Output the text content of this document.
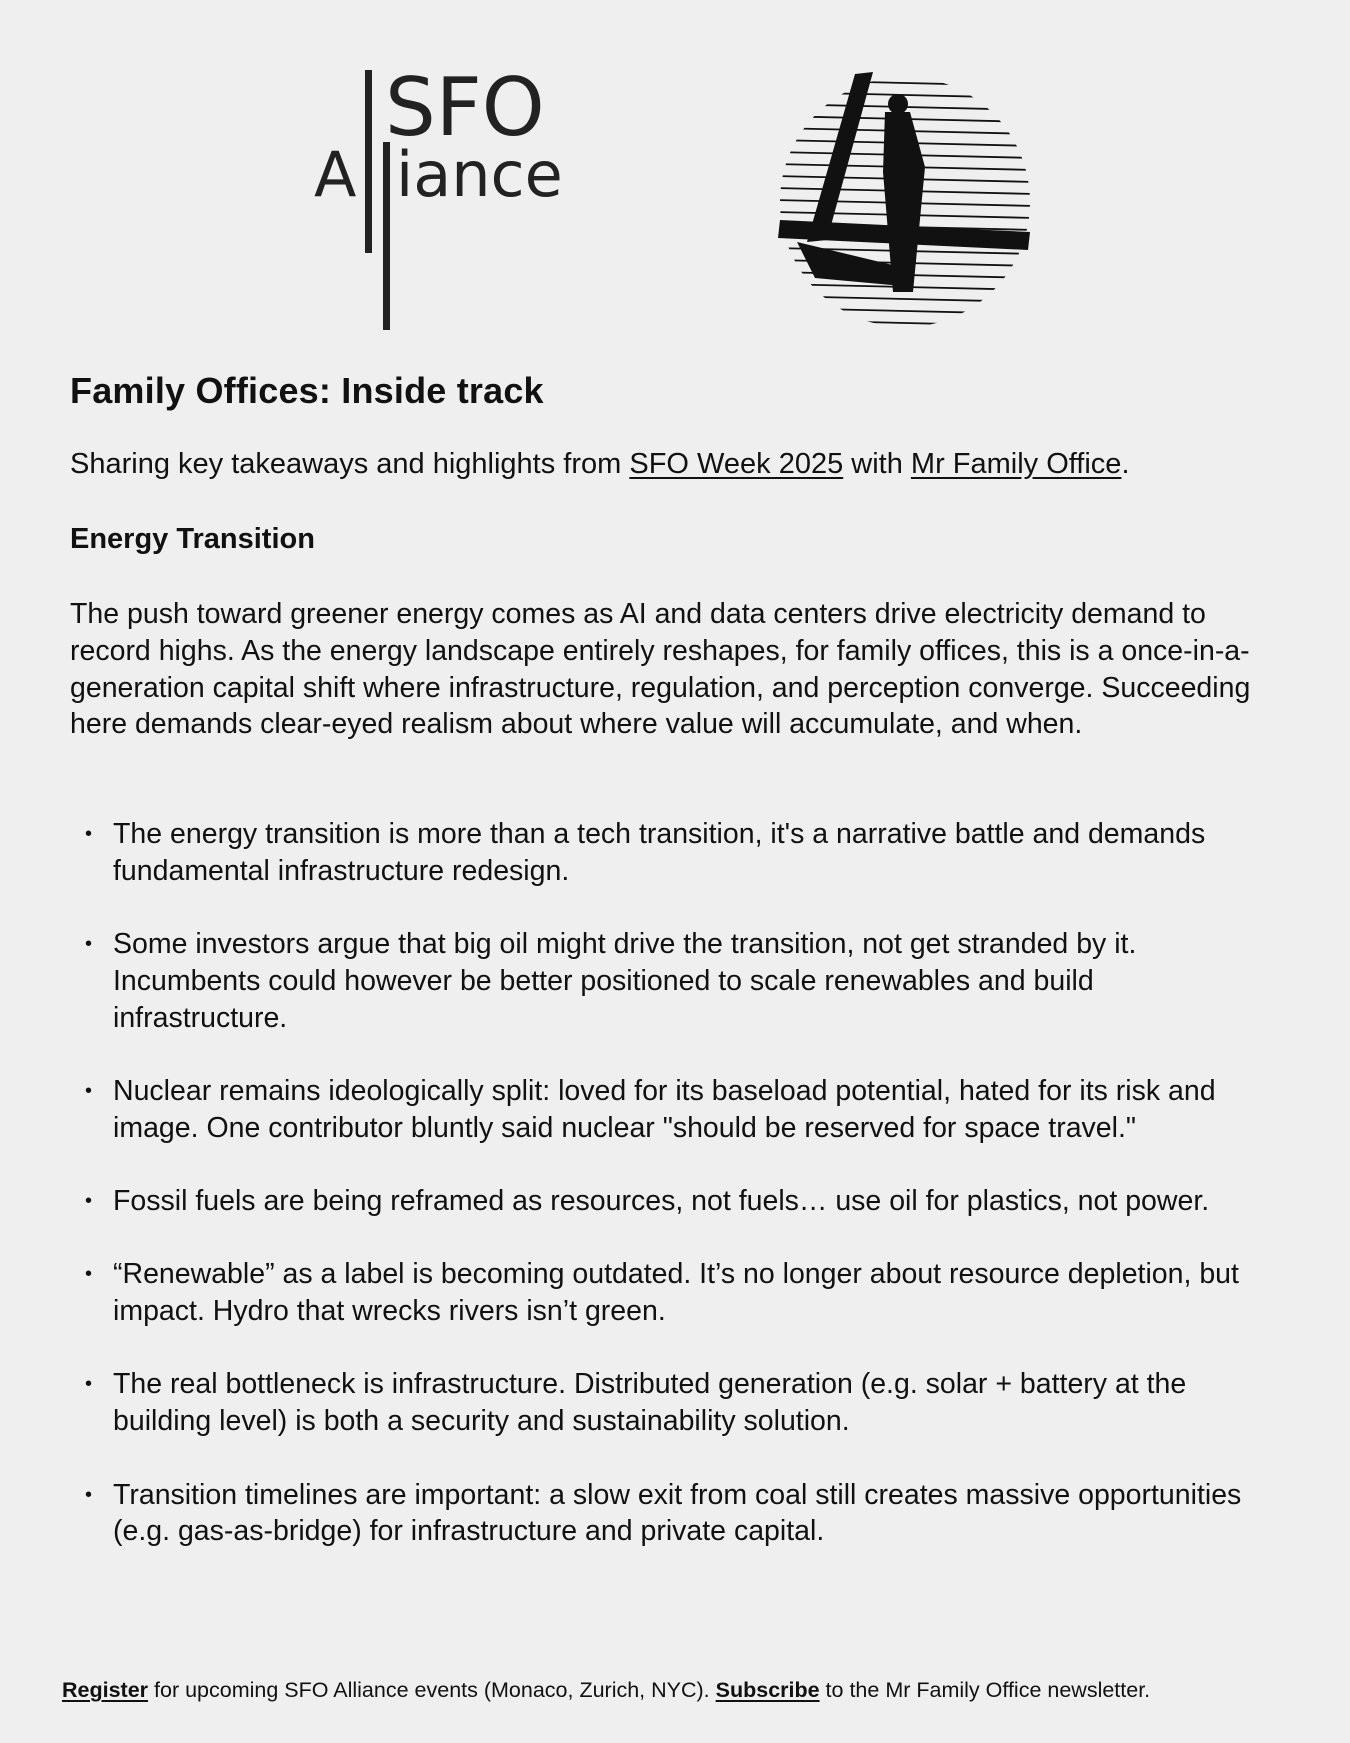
SFO
A iance
Family Offices: Inside track

Sharing key takeaways and highlights from SFO Week 2025 with Mr Family Office.

Energy Transition

The push toward greener energy comes as AI and data centers drive electricity demand to record highs. As the energy landscape entirely reshapes, for family offices, this is a once-in-a-generation capital shift where infrastructure, regulation, and perception converge. Succeeding here demands clear-eyed realism about where value will accumulate, and when.

• The energy transition is more than a tech transition, it's a narrative battle and demands fundamental infrastructure redesign.
• Some investors argue that big oil might drive the transition, not get stranded by it. Incumbents could however be better positioned to scale renewables and build infrastructure.
• Nuclear remains ideologically split: loved for its baseload potential, hated for its risk and image. One contributor bluntly said nuclear "should be reserved for space travel."
• Fossil fuels are being reframed as resources, not fuels… use oil for plastics, not power.
• “Renewable” as a label is becoming outdated. It’s no longer about resource depletion, but impact. Hydro that wrecks rivers isn’t green.
• The real bottleneck is infrastructure. Distributed generation (e.g. solar + battery at the building level) is both a security and sustainability solution.
• Transition timelines are important: a slow exit from coal still creates massive opportunities (e.g. gas-as-bridge) for infrastructure and private capital.

Register for upcoming SFO Alliance events (Monaco, Zurich, NYC). Subscribe to the Mr Family Office newsletter.
